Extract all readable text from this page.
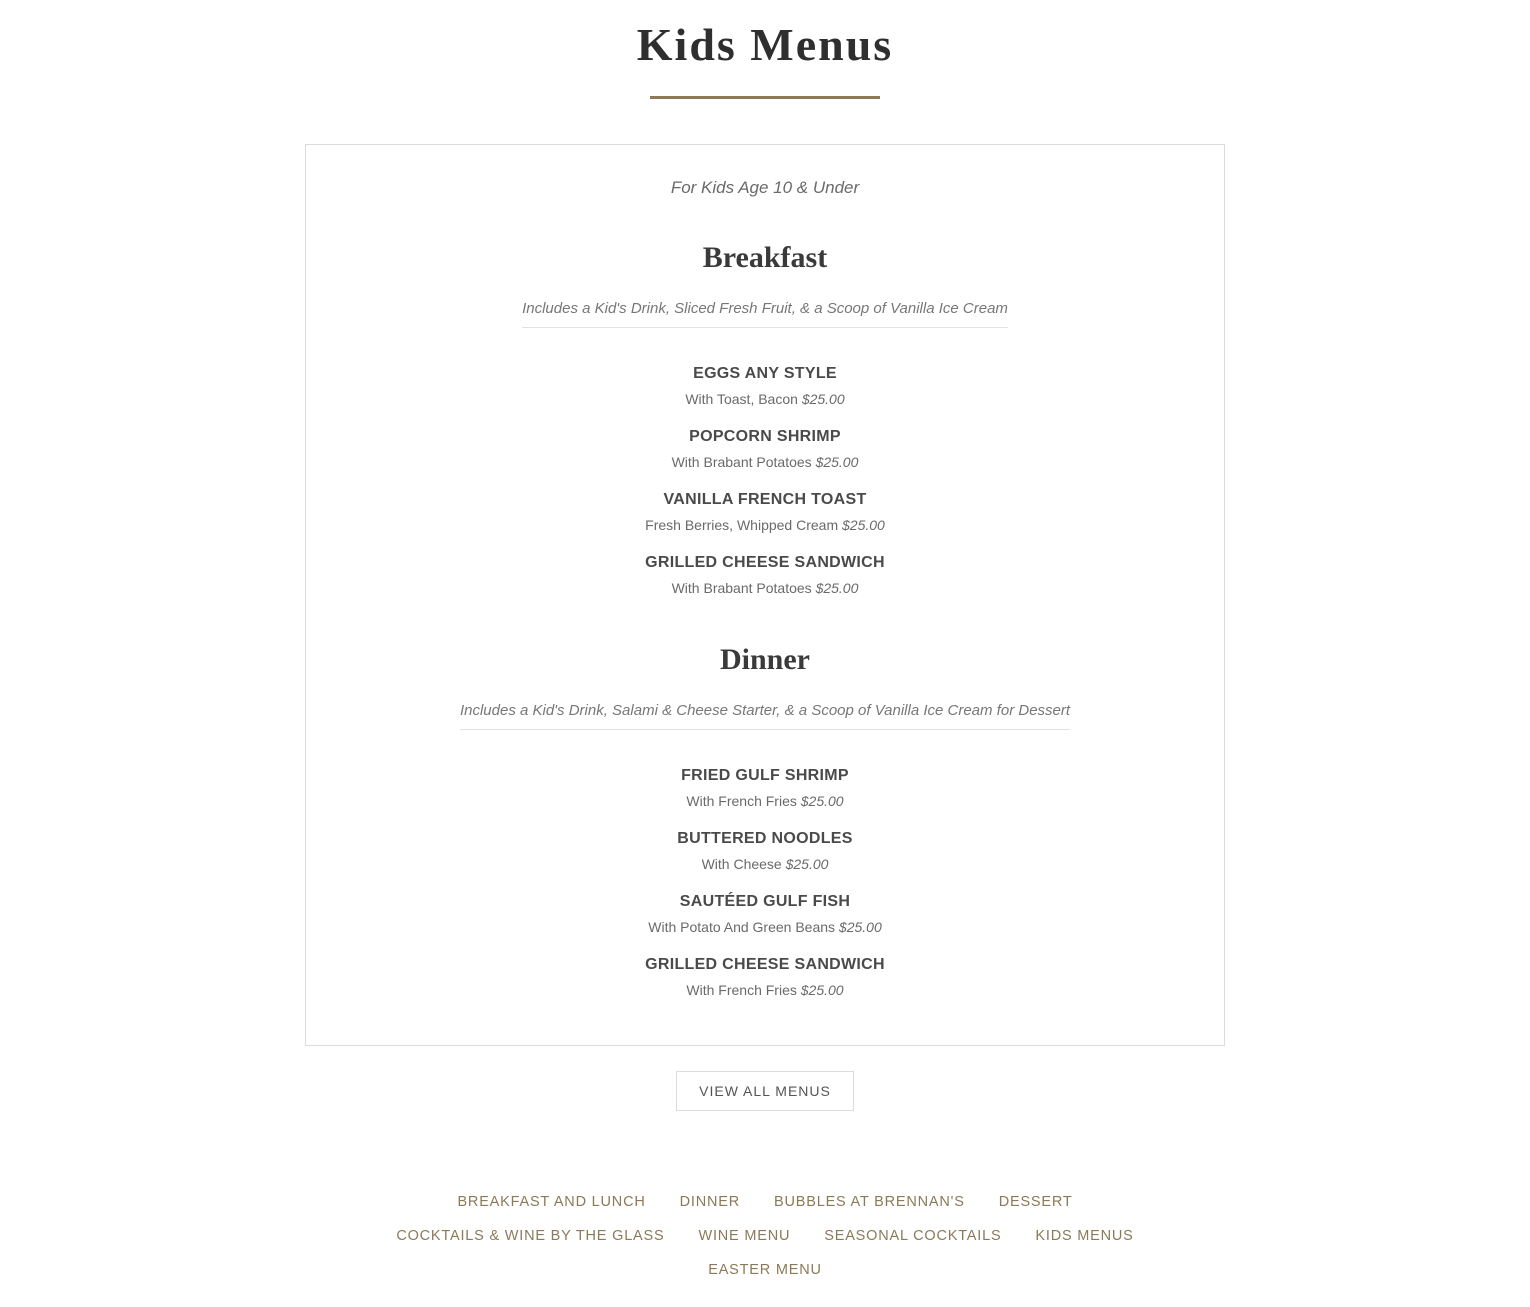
Kids Menus
For Kids Age 10 & Under
Breakfast
Includes a Kid's Drink, Sliced Fresh Fruit, & a Scoop of Vanilla Ice Cream
EGGS ANY STYLE
With Toast, Bacon $25.00
POPCORN SHRIMP
With Brabant Potatoes $25.00
VANILLA FRENCH TOAST
Fresh Berries, Whipped Cream $25.00
GRILLED CHEESE SANDWICH
With Brabant Potatoes $25.00
Dinner
Includes a Kid's Drink, Salami & Cheese Starter, & a Scoop of Vanilla Ice Cream for Dessert
FRIED GULF SHRIMP
With French Fries $25.00
BUTTERED NOODLES
With Cheese $25.00
SAUTÉED GULF FISH
With Potato And Green Beans $25.00
GRILLED CHEESE SANDWICH
With French Fries $25.00
VIEW ALL MENUS
BREAKFAST AND LUNCH DINNER BUBBLES AT BRENNAN'S DESSERT
COCKTAILS & WINE BY THE GLASS WINE MENU SEASONAL COCKTAILS KIDS MENUS
EASTER MENU
